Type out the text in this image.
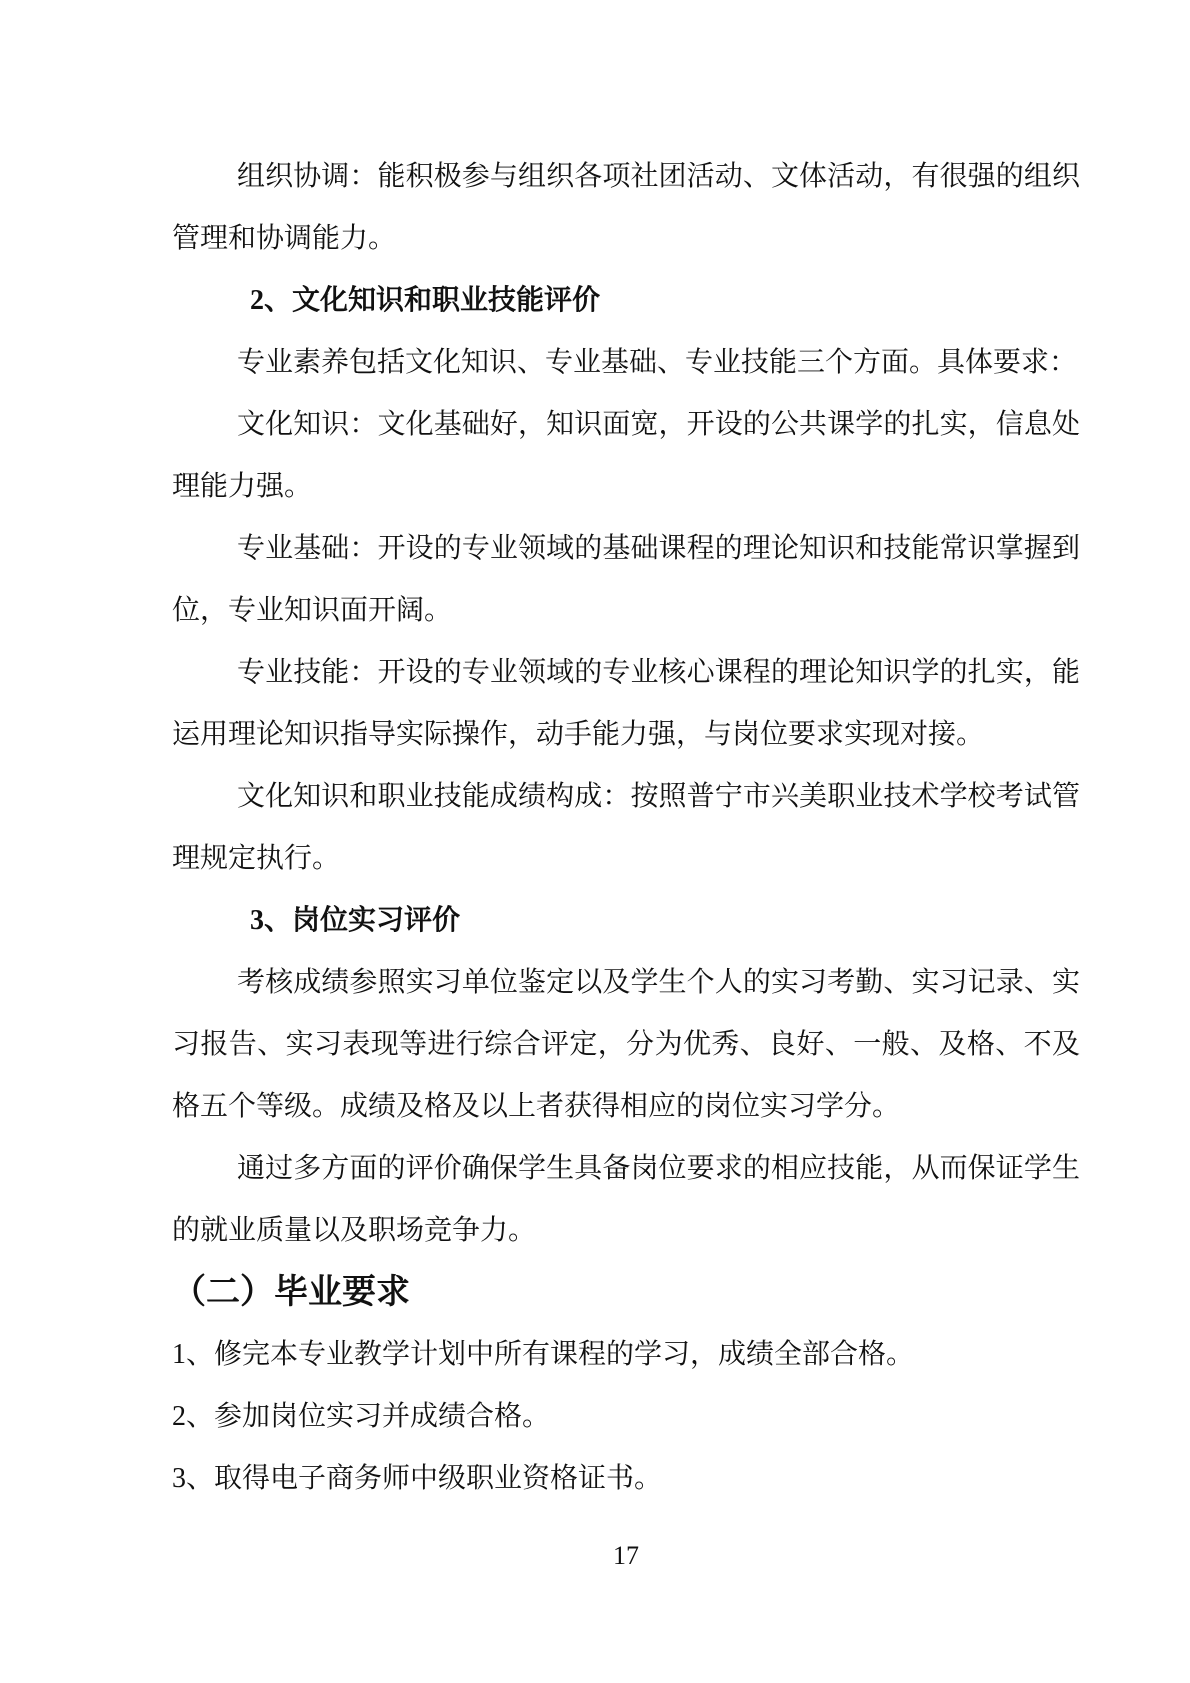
组织协调：能积极参与组织各项社团活动、文体活动，有很强的组织管理和协调能力。

2、文化知识和职业技能评价

专业素养包括文化知识、专业基础、专业技能三个方面。具体要求：

文化知识：文化基础好，知识面宽，开设的公共课学的扎实，信息处理能力强。

专业基础：开设的专业领域的基础课程的理论知识和技能常识掌握到位，专业知识面开阔。

专业技能：开设的专业领域的专业核心课程的理论知识学的扎实，能运用理论知识指导实际操作，动手能力强，与岗位要求实现对接。

文化知识和职业技能成绩构成：按照普宁市兴美职业技术学校考试管理规定执行。

3、岗位实习评价

考核成绩参照实习单位鉴定以及学生个人的实习考勤、实习记录、实习报告、实习表现等进行综合评定，分为优秀、良好、一般、及格、不及格五个等级。成绩及格及以上者获得相应的岗位实习学分。

通过多方面的评价确保学生具备岗位要求的相应技能，从而保证学生的就业质量以及职场竞争力。

（二）毕业要求

1、修完本专业教学计划中所有课程的学习，成绩全部合格。

2、参加岗位实习并成绩合格。

3、取得电子商务师中级职业资格证书。

17
